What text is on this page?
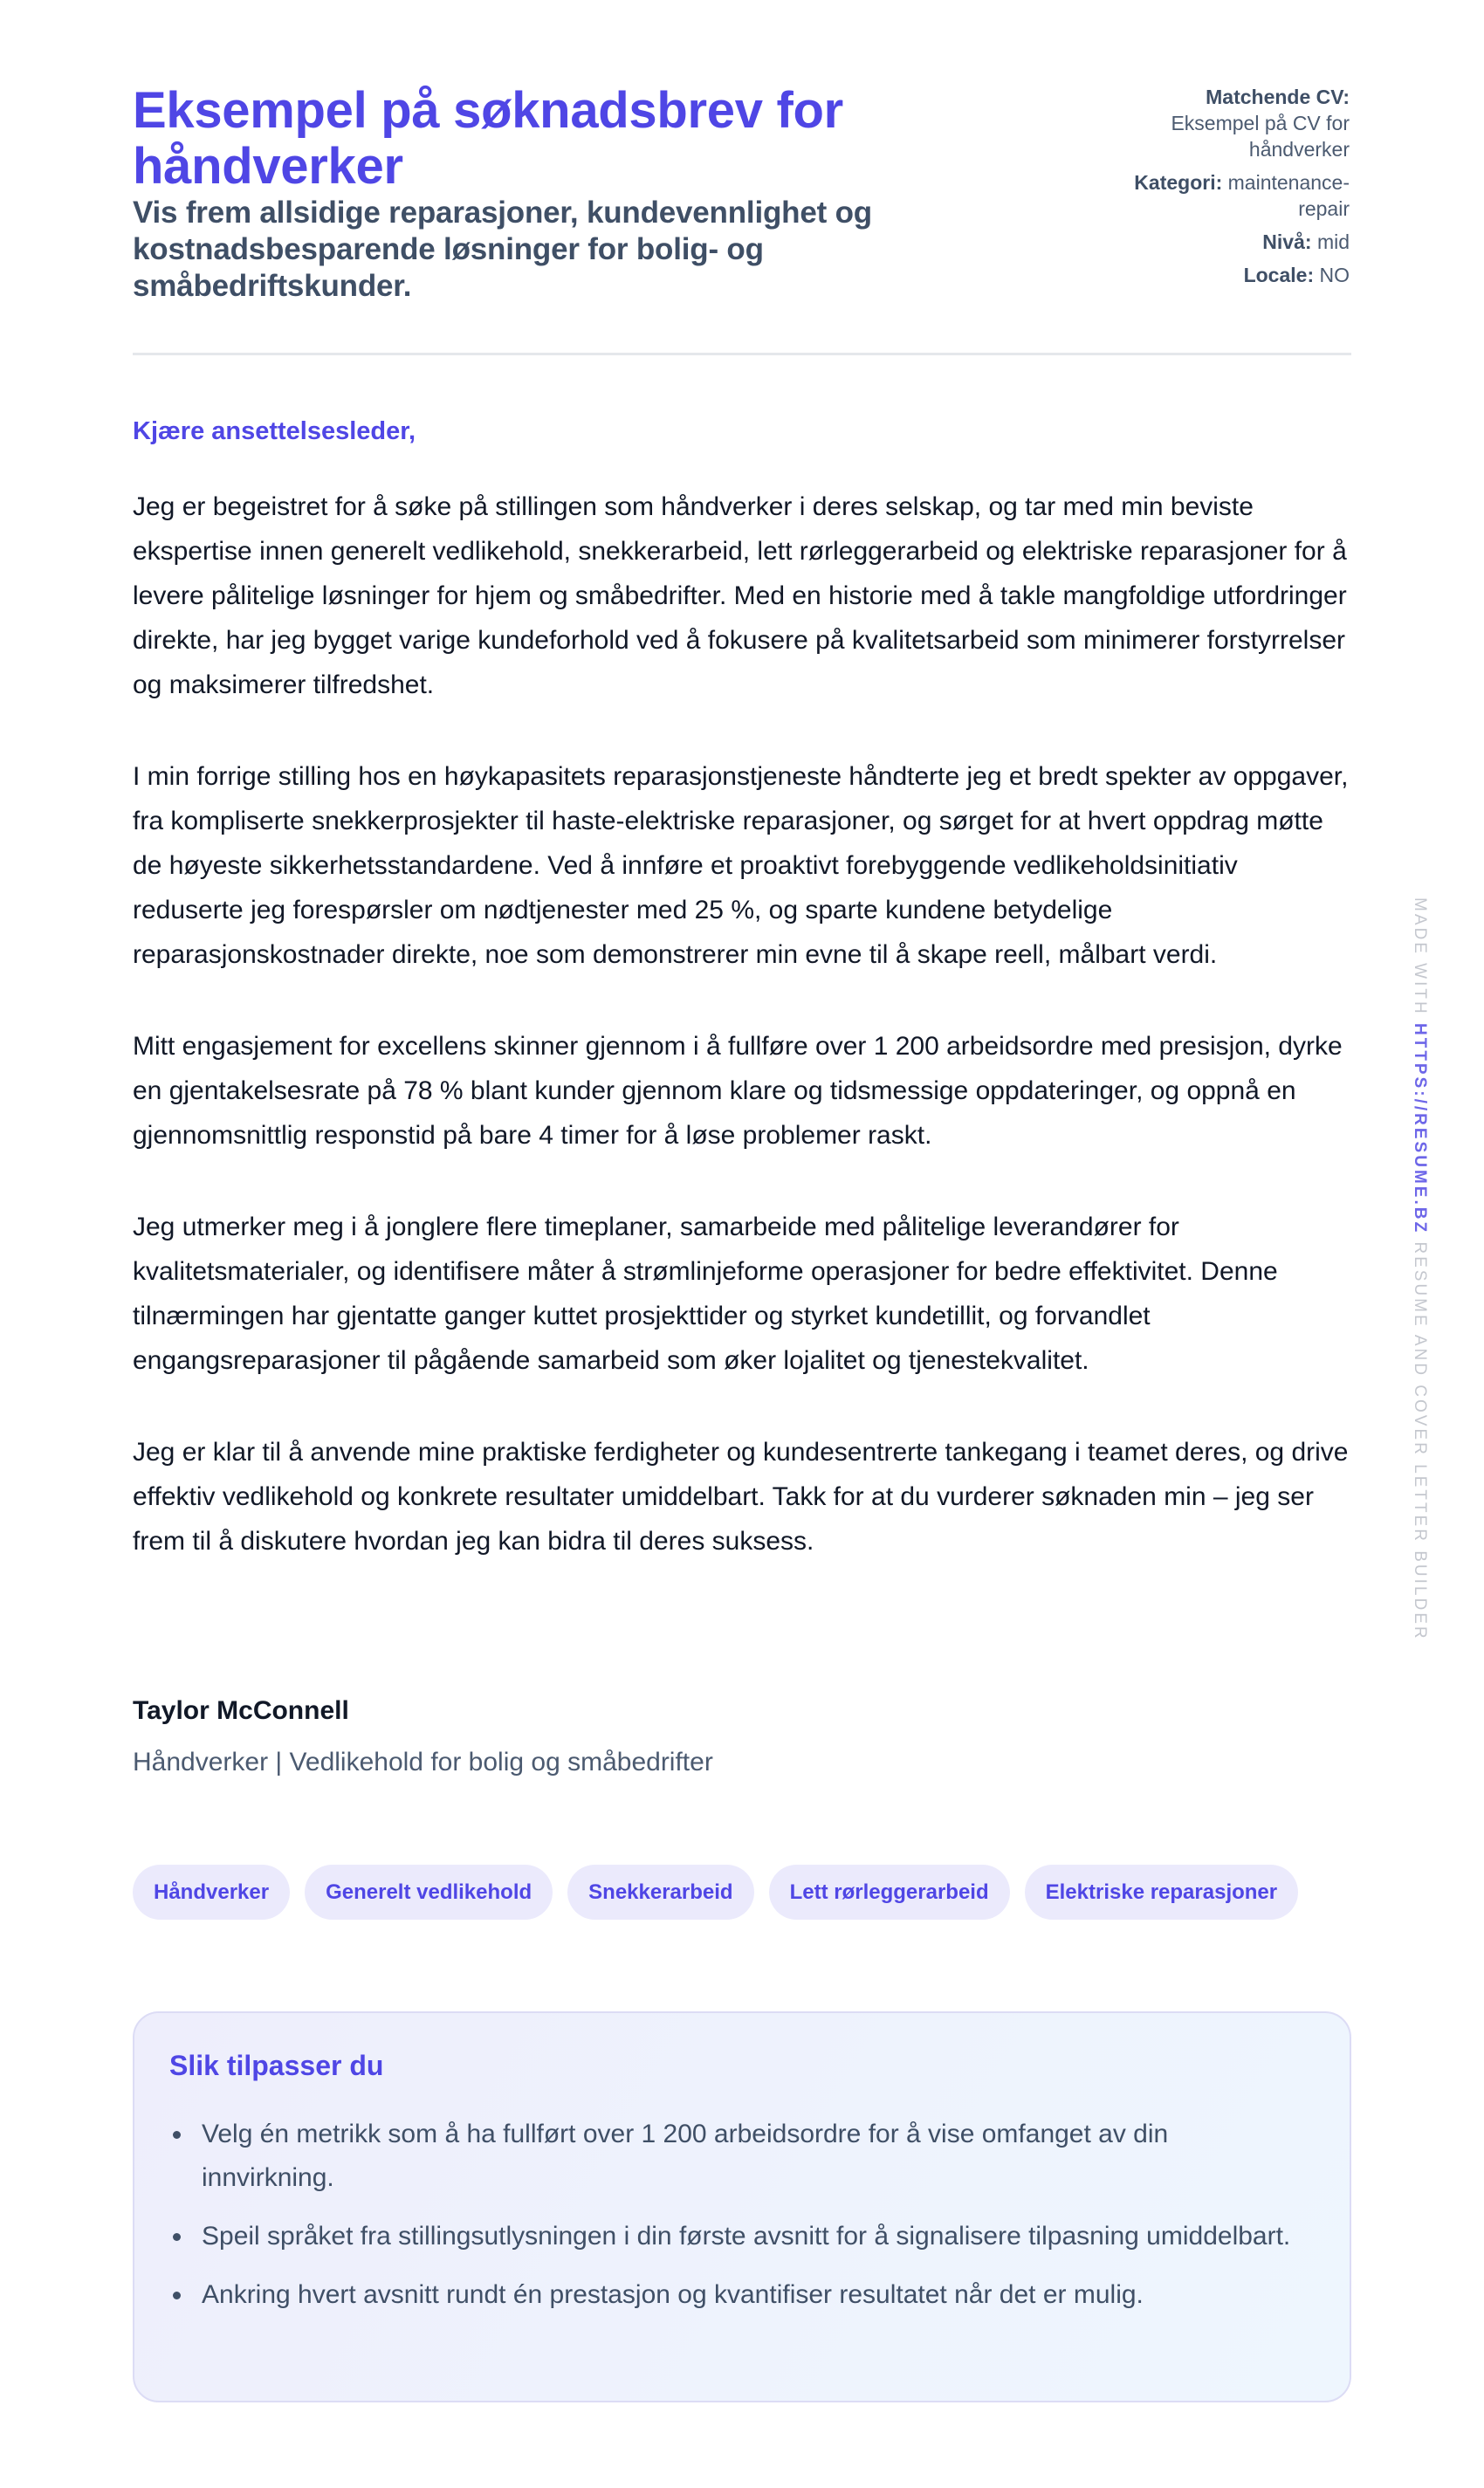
Eksempel på søknadsbrev for håndverker
Vis frem allsidige reparasjoner, kundevennlighet og kostnadsbesparende løsninger for bolig- og småbedriftskunder.
Matchende CV:
Eksempel på CV for håndverker
Kategori: maintenance-repair
Nivå: mid
Locale: NO

Kjære ansettelsesleder,

Jeg er begeistret for å søke på stillingen som håndverker i deres selskap, og tar med min beviste ekspertise innen generelt vedlikehold, snekkerarbeid, lett rørleggerarbeid og elektriske reparasjoner for å levere pålitelige løsninger for hjem og småbedrifter. Med en historie med å takle mangfoldige utfordringer direkte, har jeg bygget varige kundeforhold ved å fokusere på kvalitetsarbeid som minimerer forstyrrelser og maksimerer tilfredshet.

I min forrige stilling hos en høykapasitets reparasjonstjeneste håndterte jeg et bredt spekter av oppgaver, fra kompliserte snekkerprosjekter til haste-elektriske reparasjoner, og sørget for at hvert oppdrag møtte de høyeste sikkerhetsstandardene. Ved å innføre et proaktivt forebyggende vedlikeholdsinitiativ reduserte jeg forespørsler om nødtjenester med 25 %, og sparte kundene betydelige reparasjonskostnader direkte, noe som demonstrerer min evne til å skape reell, målbart verdi.

Mitt engasjement for excellens skinner gjennom i å fullføre over 1 200 arbeidsordre med presisjon, dyrke en gjentakelsesrate på 78 % blant kunder gjennom klare og tidsmessige oppdateringer, og oppnå en gjennomsnittlig responstid på bare 4 timer for å løse problemer raskt.

Jeg utmerker meg i å jonglere flere timeplaner, samarbeide med pålitelige leverandører for kvalitetsmaterialer, og identifisere måter å strømlinjeforme operasjoner for bedre effektivitet. Denne tilnærmingen har gjentatte ganger kuttet prosjekttider og styrket kundetillit, og forvandlet engangsreparasjoner til pågående samarbeid som øker lojalitet og tjenestekvalitet.

Jeg er klar til å anvende mine praktiske ferdigheter og kundesentrerte tankegang i teamet deres, og drive effektiv vedlikehold og konkrete resultater umiddelbart. Takk for at du vurderer søknaden min – jeg ser frem til å diskutere hvordan jeg kan bidra til deres suksess.

Taylor McConnell
Håndverker | Vedlikehold for bolig og småbedrifter
Håndverker	Generelt vedlikehold	Snekkerarbeid	Lett rørleggerarbeid	Elektriske reparasjoner
Slik tilpasser du
Velg én metrikk som å ha fullført over 1 200 arbeidsordre for å vise omfanget av din innvirkning.
Speil språket fra stillingsutlysningen i din første avsnitt for å signalisere tilpasning umiddelbart.
Ankring hvert avsnitt rundt én prestasjon og kvantifiser resultatet når det er mulig.
MADE WITH HTTPS://RESUME.BZ RESUME AND COVER LETTER BUILDER
